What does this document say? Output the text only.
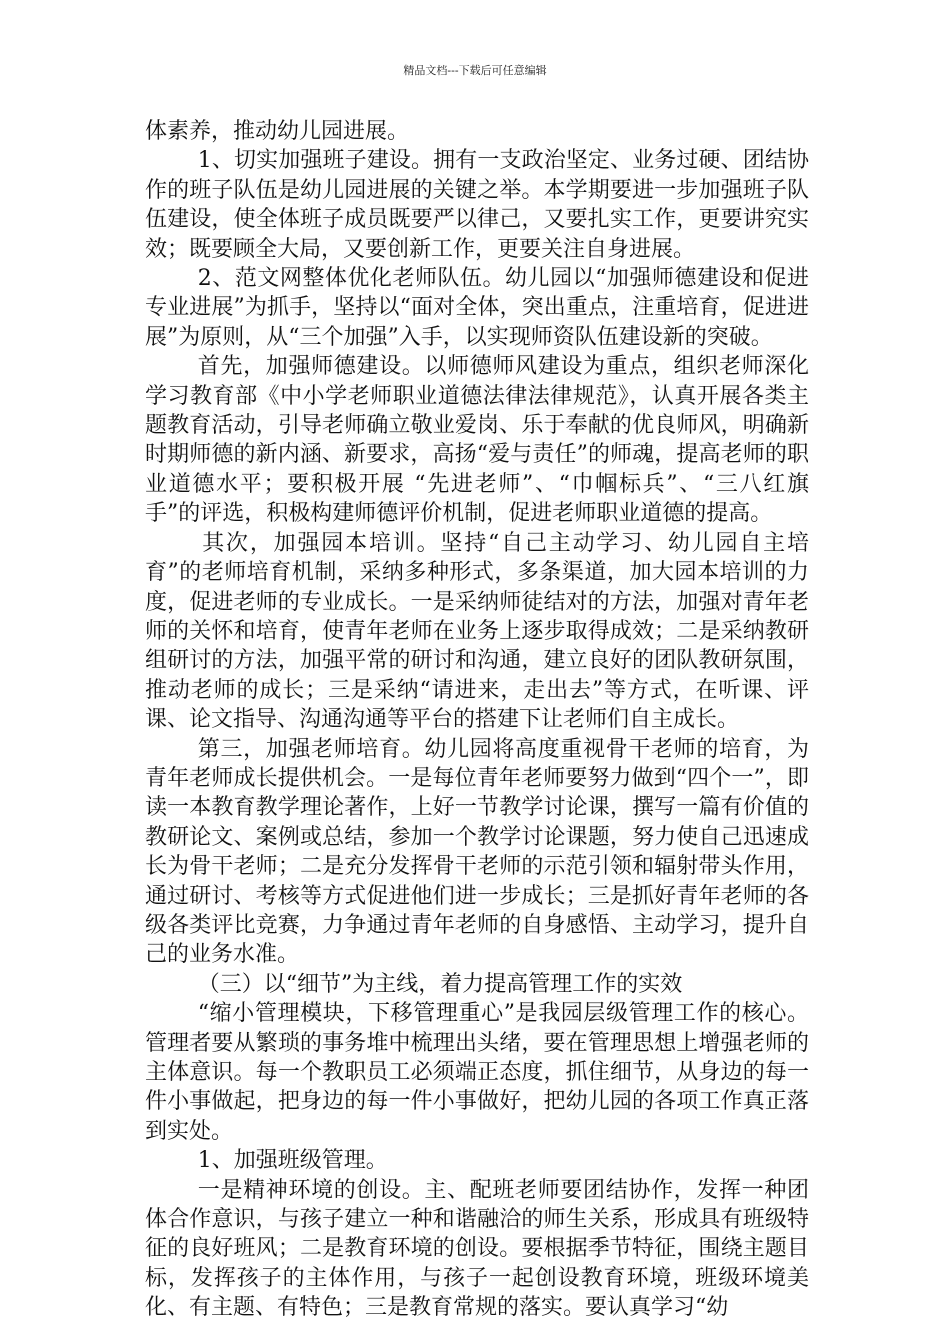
精品文档---下载后可任意编辑

体素养，推动幼儿园进展。

1、切实加强班子建设。拥有一支政治坚定、业务过硬、团结协作的班子队伍是幼儿园进展的关键之举。本学期要进一步加强班子队伍建设，使全体班子成员既要严以律己，又要扎实工作，更要讲究实效；既要顾全大局，又要创新工作，更要关注自身进展。

2、范文网整体优化老师队伍。幼儿园以“加强师德建设和促进专业进展”为抓手，坚持以“面对全体，突出重点，注重培育，促进进展”为原则，从“三个加强”入手，以实现师资队伍建设新的突破。

首先，加强师德建设。以师德师风建设为重点，组织老师深化学习教育部《中小学老师职业道德法律法律规范》，认真开展各类主题教育活动，引导老师确立敬业爱岗、乐于奉献的优良师风，明确新时期师德的新内涵、新要求，高扬“爱与责任”的师魂，提高老师的职业道德水平；要积极开展 “先进老师”、“巾帼标兵”、“三八红旗手”的评选，积极构建师德评价机制，促进老师职业道德的提高。

其次，加强园本培训。坚持“自己主动学习、幼儿园自主培育”的老师培育机制，采纳多种形式，多条渠道，加大园本培训的力度，促进老师的专业成长。一是采纳师徒结对的方法，加强对青年老师的关怀和培育，使青年老师在业务上逐步取得成效；二是采纳教研组研讨的方法，加强平常的研讨和沟通，建立良好的团队教研氛围，推动老师的成长；三是采纳“请进来，走出去”等方式，在听课、评课、论文指导、沟通沟通等平台的搭建下让老师们自主成长。

第三，加强老师培育。幼儿园将高度重视骨干老师的培育，为青年老师成长提供机会。一是每位青年老师要努力做到“四个一”，即读一本教育教学理论著作，上好一节教学讨论课，撰写一篇有价值的教研论文、案例或总结，参加一个教学讨论课题，努力使自己迅速成长为骨干老师；二是充分发挥骨干老师的示范引领和辐射带头作用，通过研讨、考核等方式促进他们进一步成长；三是抓好青年老师的各级各类评比竞赛，力争通过青年老师的自身感悟、主动学习，提升自己的业务水准。

（三）以“细节”为主线，着力提高管理工作的实效

“缩小管理模块，下移管理重心”是我园层级管理工作的核心。管理者要从繁琐的事务堆中梳理出头绪，要在管理思想上增强老师的主体意识。每一个教职员工必须端正态度，抓住细节，从身边的每一件小事做起，把身边的每一件小事做好，把幼儿园的各项工作真正落到实处。

1、加强班级管理。

一是精神环境的创设。主、配班老师要团结协作，发挥一种团体合作意识，与孩子建立一种和谐融洽的师生关系，形成具有班级特征的良好班风；二是教育环境的创设。要根据季节特征，围绕主题目标，发挥孩子的主体作用，与孩子一起创设教育环境，班级环境美化、有主题、有特色；三是教育常规的落实。要认真学习“幼
